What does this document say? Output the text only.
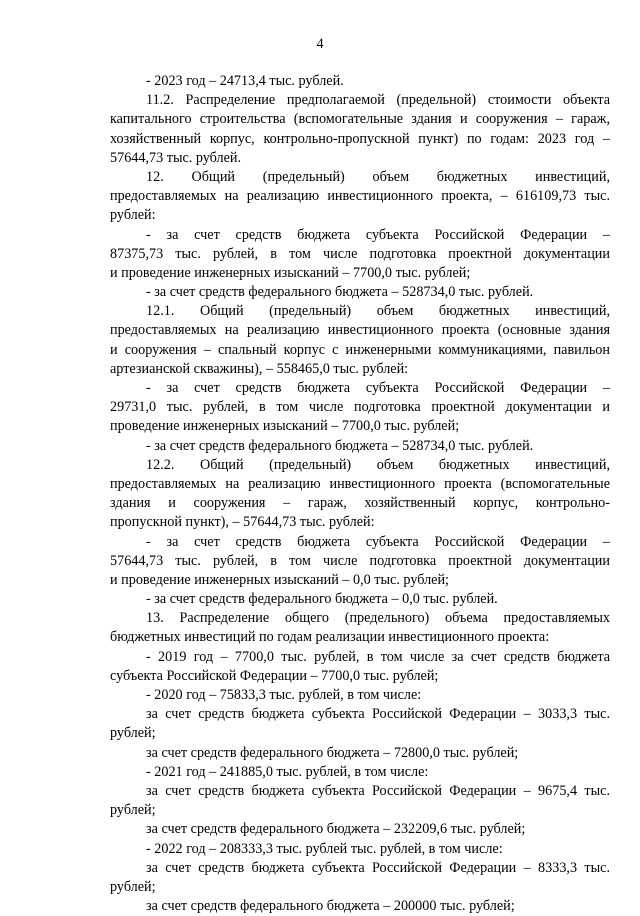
4
- 2023 год – 24713,4 тыс. рублей.
11.2. Распределение предполагаемой (предельной) стоимости объекта
капитального строительства (вспомогательные здания и сооружения – гараж,
хозяйственный корпус, контрольно-пропускной пункт) по годам: 2023 год –
57644,73 тыс. рублей.
12. Общий (предельный) объем бюджетных инвестиций,
предоставляемых на реализацию инвестиционного проекта, – 616109,73 тыс.
рублей:
- за счет средств бюджета субъекта Российской Федерации –
87375,73 тыс. рублей, в том числе подготовка проектной документации
и проведение инженерных изысканий – 7700,0 тыс. рублей;
- за счет средств федерального бюджета – 528734,0 тыс. рублей.
12.1. Общий (предельный) объем бюджетных инвестиций,
предоставляемых на реализацию инвестиционного проекта (основные здания
и сооружения – спальный корпус с инженерными коммуникациями, павильон
артезианской скважины), – 558465,0 тыс. рублей:
- за счет средств бюджета субъекта Российской Федерации –
29731,0 тыс. рублей, в том числе подготовка проектной документации и
проведение инженерных изысканий – 7700,0 тыс. рублей;
- за счет средств федерального бюджета – 528734,0 тыс. рублей.
12.2. Общий (предельный) объем бюджетных инвестиций,
предоставляемых на реализацию инвестиционного проекта (вспомогательные
здания и сооружения – гараж, хозяйственный корпус, контрольно-
пропускной пункт), – 57644,73 тыс. рублей:
- за счет средств бюджета субъекта Российской Федерации –
57644,73 тыс. рублей, в том числе подготовка проектной документации
и проведение инженерных изысканий – 0,0 тыс. рублей;
- за счет средств федерального бюджета – 0,0 тыс. рублей.
13. Распределение общего (предельного) объема предоставляемых
бюджетных инвестиций по годам реализации инвестиционного проекта:
- 2019 год – 7700,0 тыс. рублей, в том числе за счет средств бюджета
субъекта Российской Федерации – 7700,0 тыс. рублей;
- 2020 год – 75833,3 тыс. рублей, в том числе:
за счет средств бюджета субъекта Российской Федерации – 3033,3 тыс.
рублей;
за счет средств федерального бюджета – 72800,0 тыс. рублей;
- 2021 год – 241885,0 тыс. рублей, в том числе:
за счет средств бюджета субъекта Российской Федерации – 9675,4 тыс.
рублей;
за счет средств федерального бюджета – 232209,6 тыс. рублей;
- 2022 год – 208333,3 тыс. рублей тыс. рублей, в том числе:
за счет средств бюджета субъекта Российской Федерации – 8333,3 тыс.
рублей;
за счет средств федерального бюджета – 200000 тыс. рублей;
